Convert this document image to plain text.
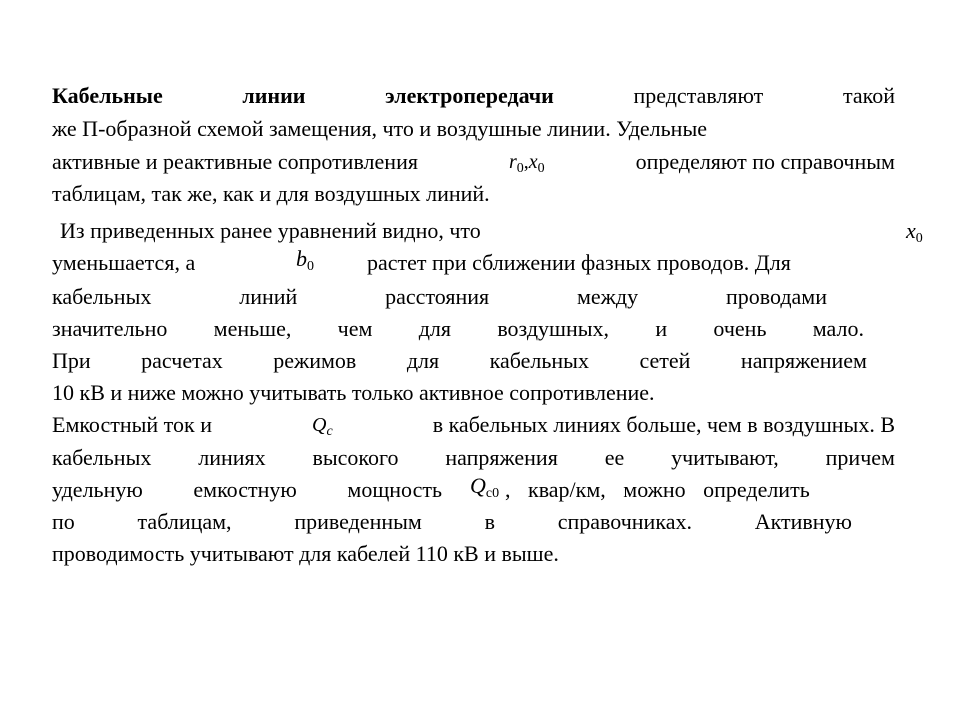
Кабельные	линии	электропередачи	представляют	такой
же П-образной схемой замещения, что и воздушные линии. Удельные
активные и реактивные сопротивления	$r_0,x_0$	определяют по справочным
таблицам, так же, как и для воздушных линий.
Из приведенных ранее уравнений видно, что	$x_0$
уменьшается, а	$b_0$ растет при сближении фазных проводов. Для
кабельных	линий	расстояния	между	проводами
значительно меньше, чем для воздушных, и очень мало.
При расчетах режимов для кабельных сетей напряжением
10 кВ и ниже можно учитывать только активное сопротивление.
Емкостный ток и	$Q_c$	в кабельных линиях больше, чем в воздушных. В
кабельных линиях высокого напряжения ее учитывают, причем
удельную емкостную мощность $Q_{c0}$ , квар/км, можно определить
по	таблицам,	приведенным	в	справочниках.	Активную
проводимость учитывают для кабелей 110 кВ и выше.
